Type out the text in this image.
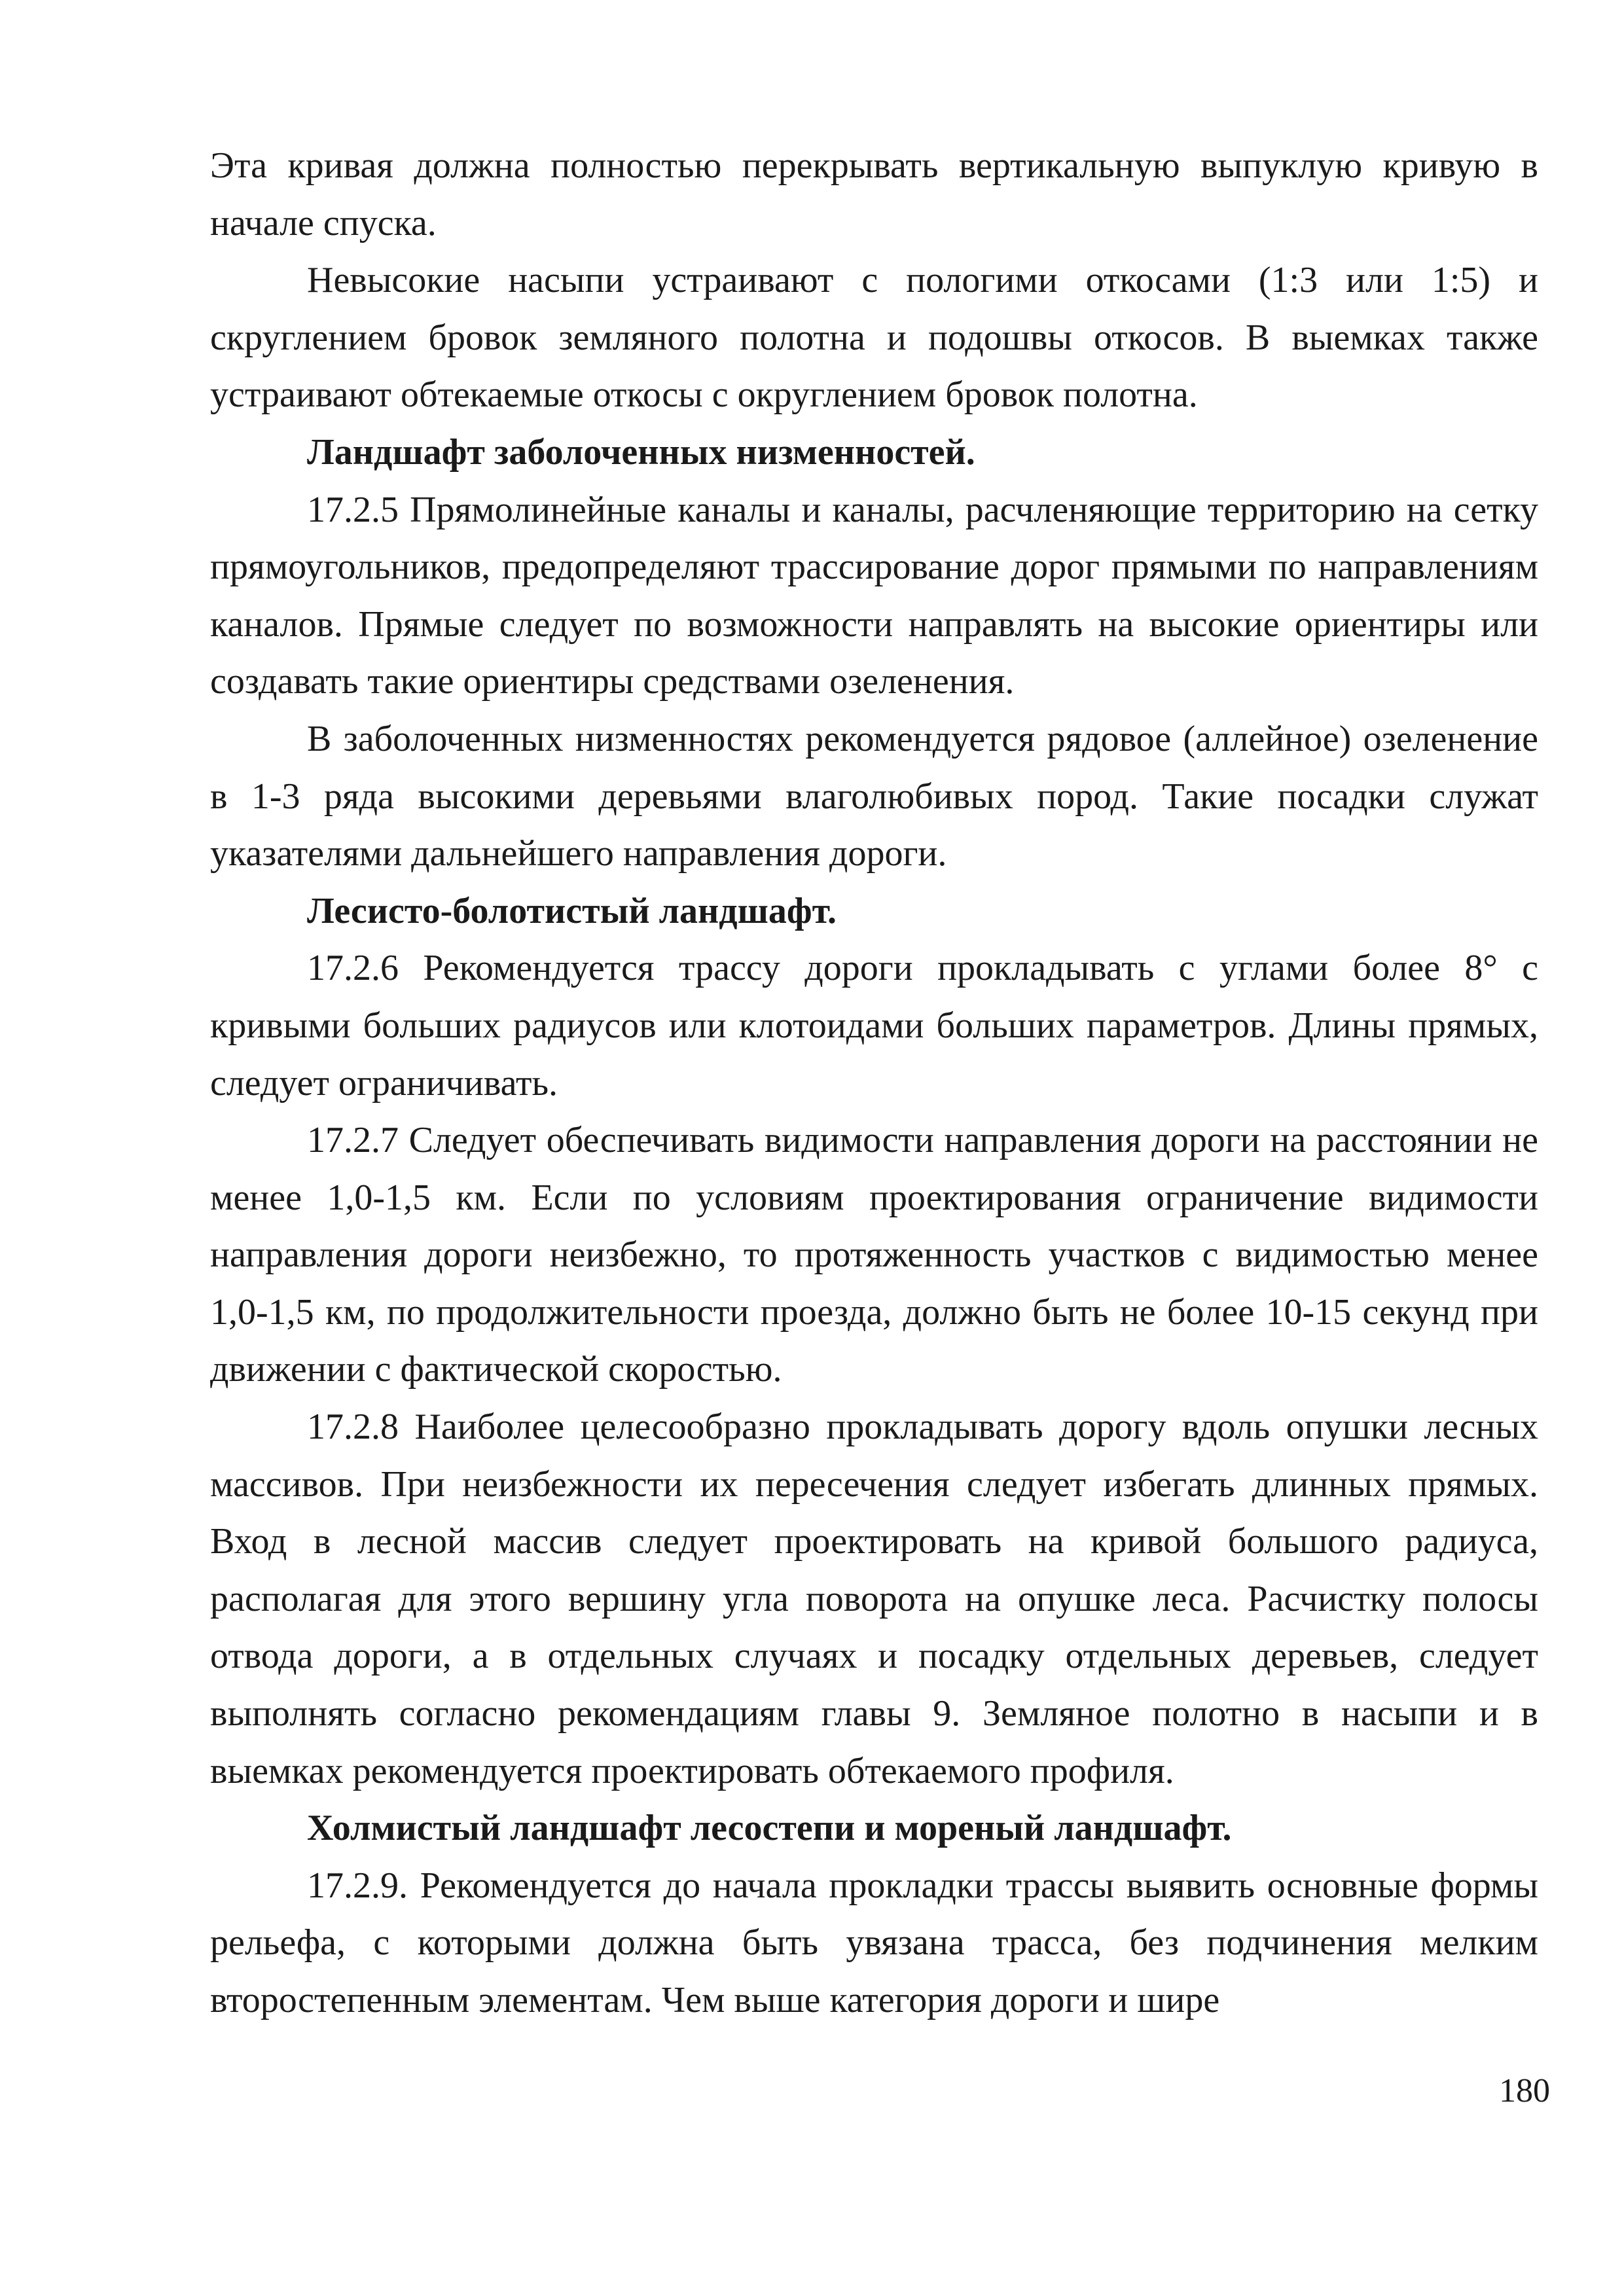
Эта кривая должна полностью перекрывать вертикальную выпуклую кривую в начале спуска.

Невысокие насыпи устраивают с пологими откосами (1:3 или 1:5) и скруглением бровок земляного полотна и подошвы откосов. В выемках также устраивают обтекаемые откосы с округлением бровок полотна.

Ландшафт заболоченных низменностей.

17.2.5 Прямолинейные каналы и каналы, расчленяющие территорию на сетку прямоугольников, предопределяют трассирование дорог прямыми по направлениям каналов. Прямые следует по возможности направлять на высокие ориентиры или создавать такие ориентиры средствами озеленения.

В заболоченных низменностях рекомендуется рядовое (аллейное) озеленение в 1-3 ряда высокими деревьями влаголюбивых пород. Такие посадки служат указателями дальнейшего направления дороги.

Лесисто-болотистый ландшафт.

17.2.6 Рекомендуется трассу дороги прокладывать с углами более 8° с кривыми больших радиусов или клотоидами больших параметров. Длины прямых, следует ограничивать.

17.2.7 Следует обеспечивать видимости направления дороги на расстоянии не менее 1,0-1,5 км. Если по условиям проектирования ограничение видимости направления дороги неизбежно, то протяженность участков с видимостью менее 1,0-1,5 км, по продолжительности проезда, должно быть не более 10-15 секунд при движении с фактической скоростью.

17.2.8 Наиболее целесообразно прокладывать дорогу вдоль опушки лесных массивов. При неизбежности их пересечения следует избегать длинных прямых. Вход в лесной массив следует проектировать на кривой большого радиуса, располагая для этого вершину угла поворота на опушке леса. Расчистку полосы отвода дороги, а в отдельных случаях и посадку отдельных деревьев, следует выполнять согласно рекомендациям главы 9. Земляное полотно в насыпи и в выемках рекомендуется проектировать обтекаемого профиля.

Холмистый ландшафт лесостепи и мореный ландшафт.

17.2.9. Рекомендуется до начала прокладки трассы выявить основные формы рельефа, с которыми должна быть увязана трасса, без подчинения мелким второстепенным элементам. Чем выше категория дороги и шире

180
